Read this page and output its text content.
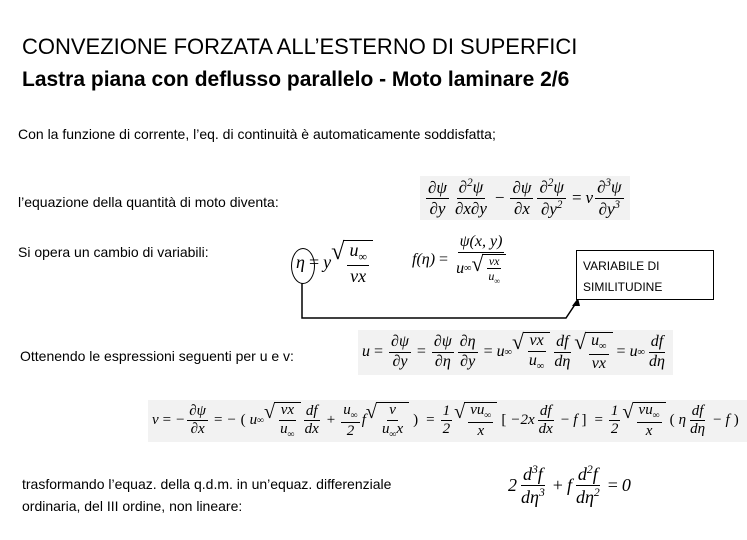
CONVEZIONE FORZATA ALL’ESTERNO DI SUPERFICI
Lastra piana con deflusso parallelo - Moto laminare 2/6
Con la funzione di corrente, l’eq. di continuità è automaticamente soddisfatta;
l’equazione della quantità di moto diventa:
Si opera un cambio di variabili:
Ottenendo le espressioni seguenti per u e v:
trasformando l’equaz. della q.d.m. in un’equaz. differenziale
ordinaria, del III ordine, non lineare:
$\frac{\partial\psi}{\partial y} \frac{\partial^2\psi}{\partial x\partial y} - \frac{\partial\psi}{\partial x} \frac{\partial^2\psi}{\partial y^2} = \nu \frac{\partial^3\psi}{\partial y^3}$
η = y √ $\frac{u_\infty}{\nu x}$	$f(\eta) = \frac{\psi(x, y)}{u \infty √ \frac{\nu x}{u_\infty}}$	VARIABILE DI
SIMILITUDINE
$u = \frac{\partial\psi}{\partial y} = \frac{\partial\psi}{\partial\eta} \frac{\partial\eta}{\partial y} = u$ ∞ √ $\frac{\nu x}{u_\infty} \frac{df}{d\eta}$ √ $\frac{u_\infty}{\nu x} = u$ ∞ $\frac{df}{d\eta}$
v = − $\frac{\partial\psi}{\partial x}$ = − ( u ∞ √ $\frac{\nu x}{u_\infty} \frac{df}{dx} + \frac{u_\infty}{2}$ f √ $\frac{\nu}{u_\infty x}$ ) = $\frac{1}{2}$ √ $\frac{\nu u_\infty}{x}$ [ $-2x \frac{df}{dx} - f$ ] = $\frac{1}{2}$ √ $\frac{\nu u_\infty}{x}$ ( η $\frac{df}{d\eta} - f$ )
$2 \frac{d^3f}{d\eta^3} + f \frac{d^2f}{d\eta^2} = 0$
